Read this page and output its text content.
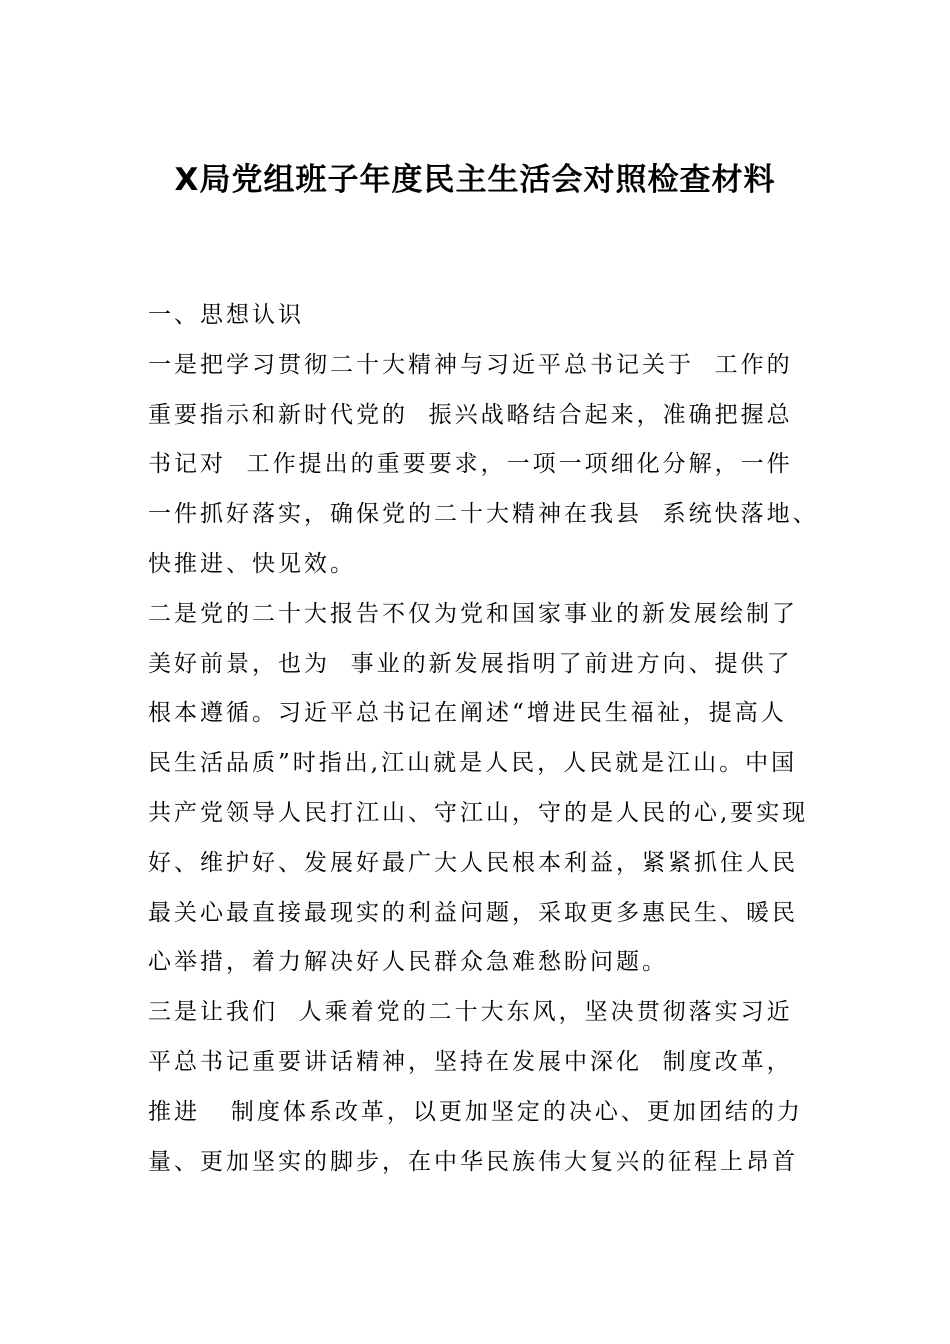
X局党组班子年度民主生活会对照检查材料
一、思想认识
一是把学习贯彻二十大精神与习近平总书记关于  工作的
重要指示和新时代党的  振兴战略结合起来，准确把握总
书记对  工作提出的重要要求，一项一项细化分解，一件
一件抓好落实，确保党的二十大精神在我县  系统快落地、
快推进、快见效。
二是党的二十大报告不仅为党和国家事业的新发展绘制了
美好前景，也为  事业的新发展指明了前进方向、提供了
根本遵循。习近平总书记在阐述“增进民生福祉，提高人
民生活品质”时指出,江山就是人民，人民就是江山。中国
共产党领导人民打江山、守江山，守的是人民的心,要实现
好、维护好、发展好最广大人民根本利益，紧紧抓住人民
最关心最直接最现实的利益问题，采取更多惠民生、暖民
心举措，着力解决好人民群众急难愁盼问题。
三是让我们  人乘着党的二十大东风，坚决贯彻落实习近
平总书记重要讲话精神，坚持在发展中深化  制度改革，
推进   制度体系改革，以更加坚定的决心、更加团结的力
量、更加坚实的脚步，在中华民族伟大复兴的征程上昂首
